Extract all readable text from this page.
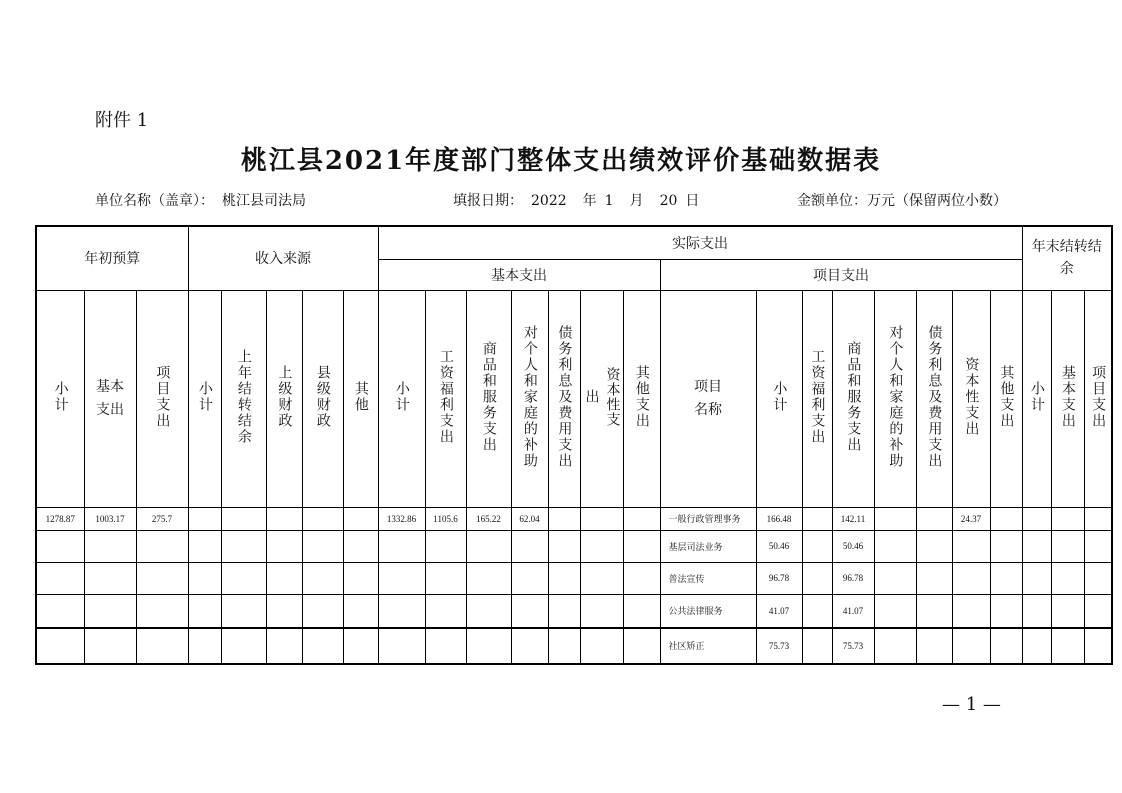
附件 1
桃江县2021年度部门整体支出绩效评价基础数据表
单位名称（盖章）： 桃江县司法局	填报日期： 2022 年 1 月 20 日	金额单位：万元（保留两位小数）
年初预算			收入来源					实际支出															年末结转结余		
								基本支出							项目支出										
小计	基本支出	项目支出	小计	上年结转结余	上级财政	县级财政	其他	小计	工资福利支出	商品和服务支出	对个人和家庭的补助	债务利息及费用支出	资本性支出	其他支出	项目名称	小计	工资福利支出	商品和服务支出	对个人和家庭的补助	债务利息及费用支出	资本性支出	其他支出	小计	基本支出	项目支出
1278.87	1003.17	275.7						1332.86	1105.6	165.22	62.04				一般行政管理事务	166.48		142.11			24.37				
															基层司法业务	50.46		50.46							
															普法宣传	96.78		96.78							
															公共法律服务	41.07		41.07							
															社区矫正	75.73		75.73							
— 1 —
